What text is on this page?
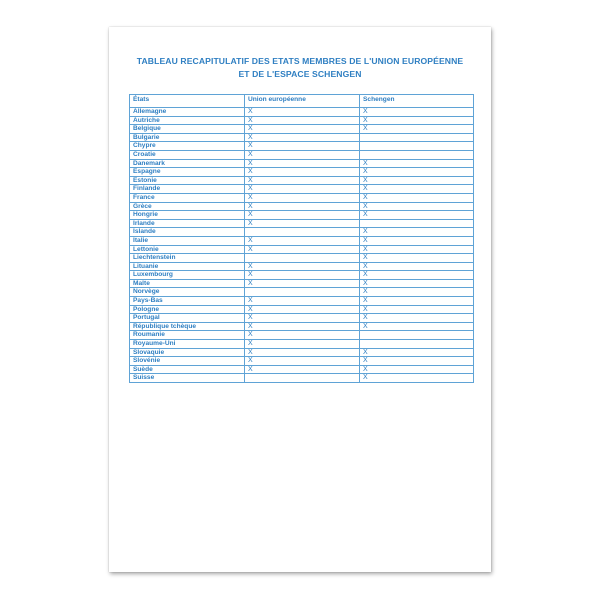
TABLEAU RECAPITULATIF DES ETATS MEMBRES DE L'UNION EUROPÉENNE
ET DE L'ESPACE SCHENGEN
États	Union européenne	Schengen
Allemagne	X	X
Autriche	X	X
Belgique	X	X
Bulgarie	X	
Chypre	X	
Croatie	X	
Danemark	X	X
Espagne	X	X
Estonie	X	X
Finlande	X	X
France	X	X
Grèce	X	X
Hongrie	X	X
Irlande	X	
Islande		X
Italie	X	X
Lettonie	X	X
Liechtenstein		X
Lituanie	X	X
Luxembourg	X	X
Malte	X	X
Norvège		X
Pays-Bas	X	X
Pologne	X	X
Portugal	X	X
République tchèque	X	X
Roumanie	X	
Royaume-Uni	X	
Slovaquie	X	X
Slovénie	X	X
Suède	X	X
Suisse		X
